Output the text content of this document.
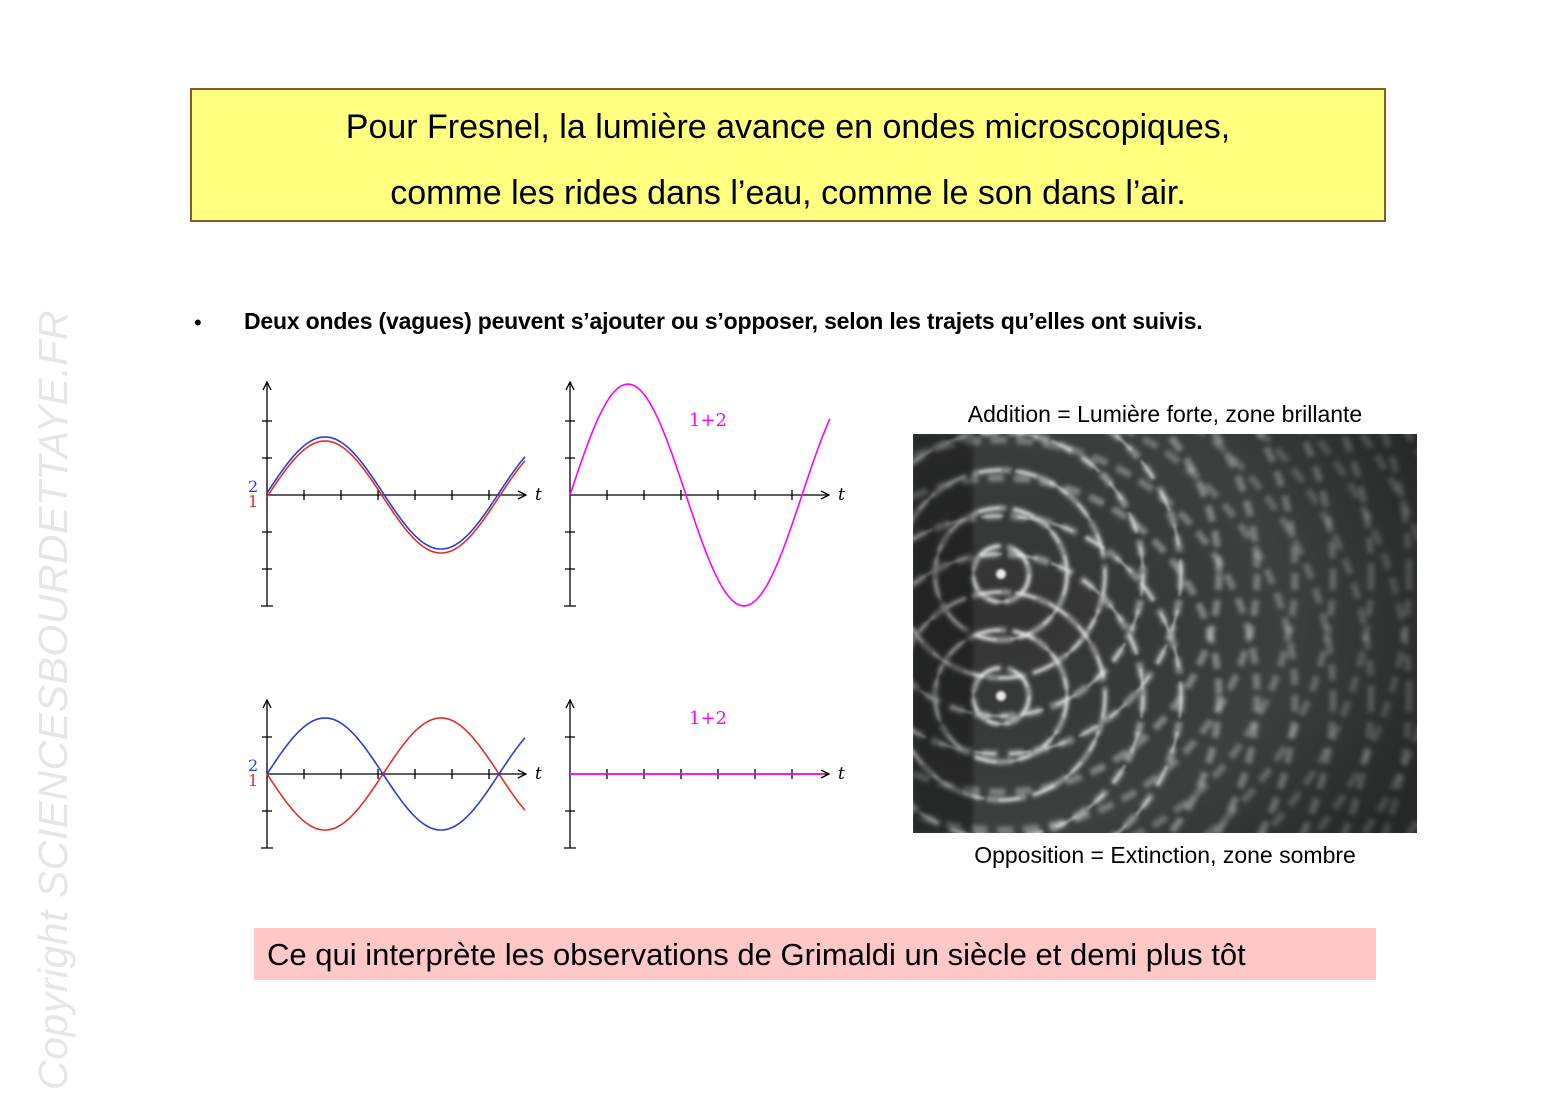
Copyright SCIENCESBOURDETTAYE.FR
Pour Fresnel, la lumière avance en ondes microscopiques,
comme les rides dans l’eau, comme le son dans l’air.
• Deux ondes (vagues) peuvent s’ajouter ou s’opposer, selon les trajets qu’elles ont suivis.
2
1	t
1+2
t
2
1	t
1+2
t
Addition = Lumière forte, zone brillante
Opposition = Extinction, zone sombre
Ce qui interprète les observations de Grimaldi un siècle et demi plus tôt
